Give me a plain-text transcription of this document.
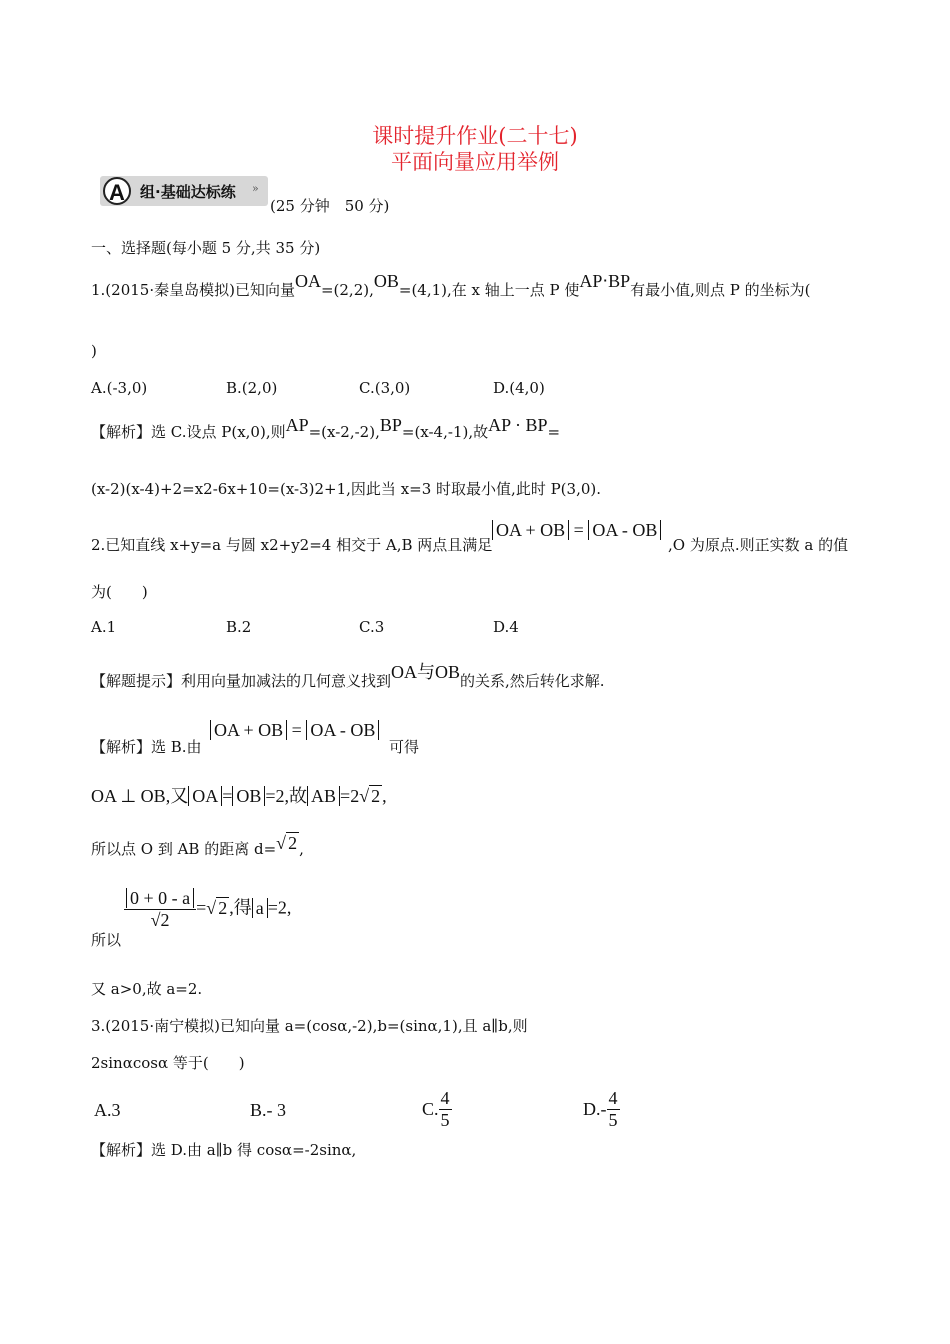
课时提升作业(二十七)
平面向量应用举例
A	组·基础达标练 »
(25 分钟　50 分)
一、选择题(每小题 5 分,共 35 分)
1.(2015·秦皇岛模拟)已知向量OA=(2,2),OB=(4,1),在 x 轴上一点 P 使AP⋅BP有最小值,则点 P 的坐标为(
)
A.(-3,0)	B.(2,0)	C.(3,0)	D.(4,0)
【解析】选 C.设点 P(x,0),则AP=(x-2,-2),BP=(x-4,-1),故AP · BP=
(x-2)(x-4)+2=x2-6x+10=(x-3)2+1,因此当 x=3 时取最小值,此时 P(3,0).
2.已知直线 x+y=a 与圆 x2+y2=4 相交于 A,B 两点且满足
OA + OB = OA - OB
,O 为原点.则正实数 a 的值
为(　　)
A.1	B.2	C.3	D.4
【解题提示】利用向量加减法的几何意义找到OA与OB的关系,然后转化求解.
【解析】选 B.由
OA + OB = OA - OB
可得
OA ⊥ OB,又 OA = OB =2,故 AB =2√ 2 ,
所以点 O 到 AB 的距离 d=√ 2 ,
所以
$\frac{0 + 0 - a}{√2}$ =√ 2 ,得 a =2,
又 a>0,故 a=2.
3.(2015·南宁模拟)已知向量 a=(cosα,-2),b=(sinα,1),且 a∥b,则
2sinαcosα 等于(　　)
A.3	B.- 3	C. $\frac{4}{5}$	$D.- \frac{4}{5}$
【解析】选 D.由 a∥b 得 cosα=-2sinα,
